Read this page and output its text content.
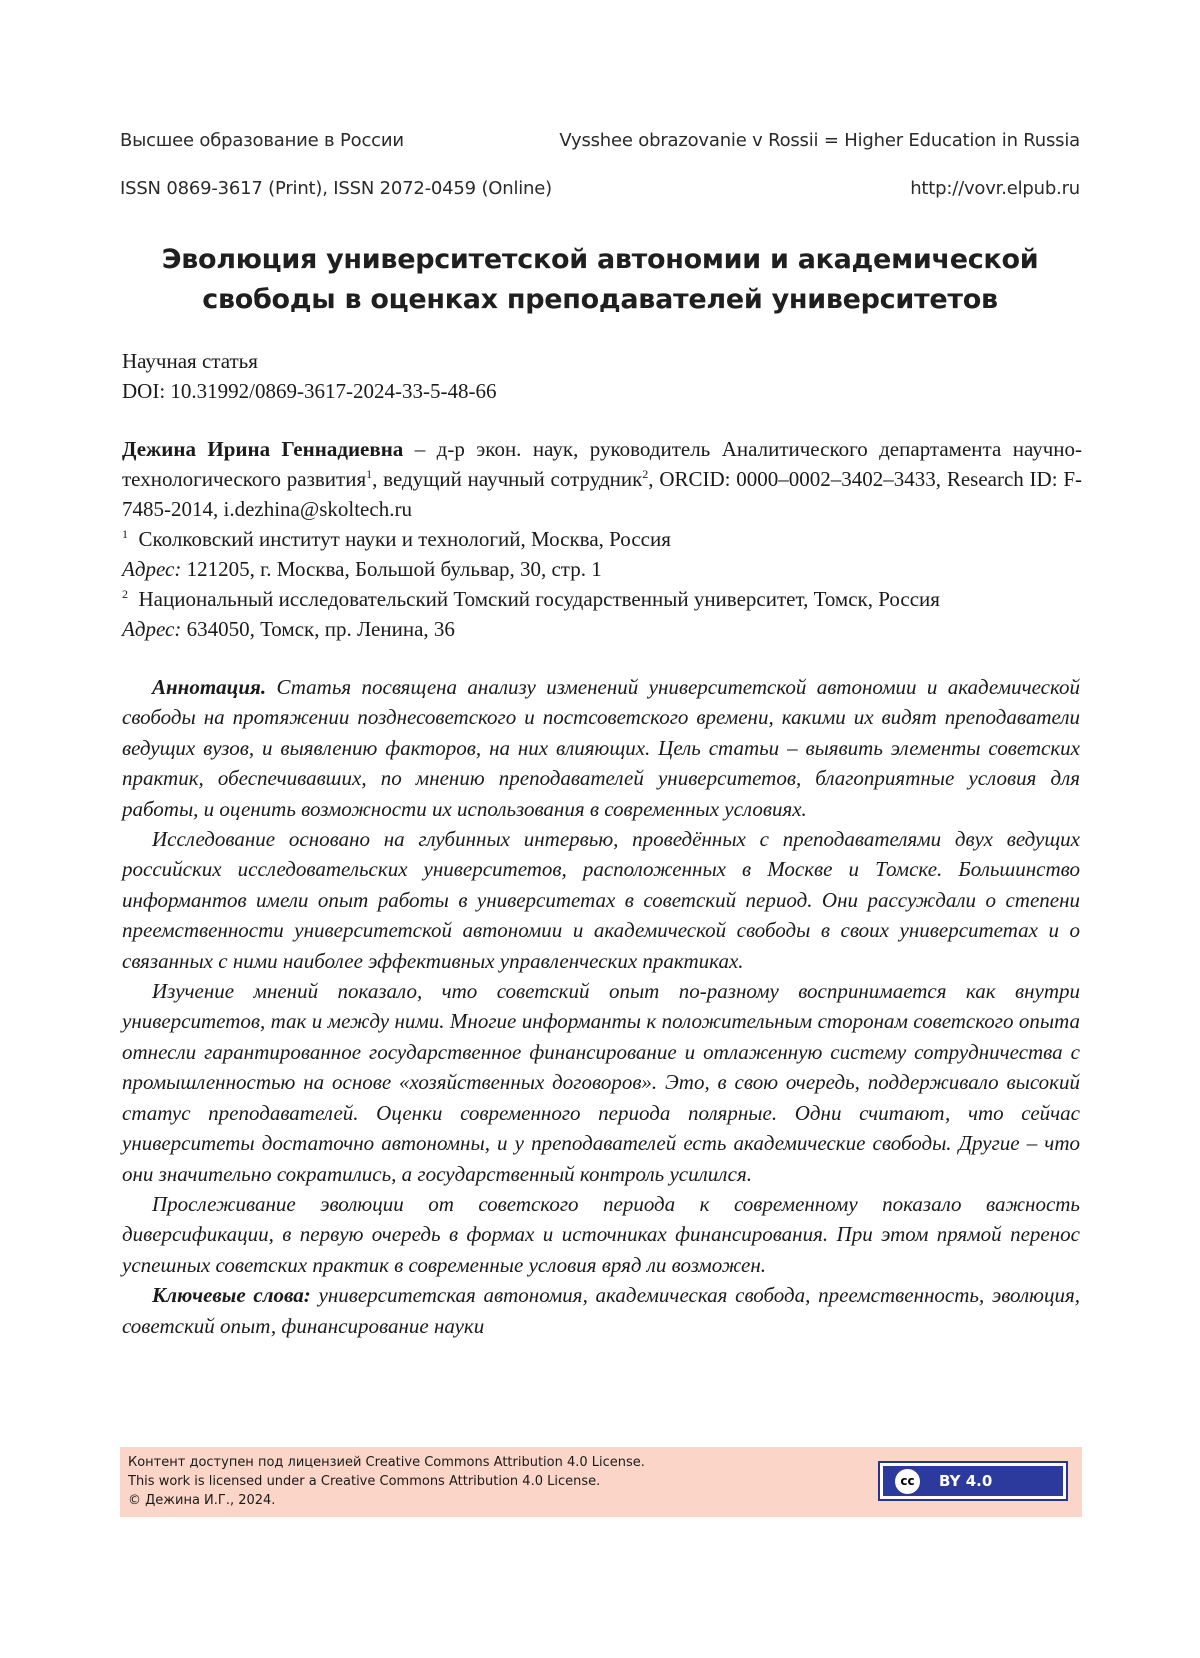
Высшее образование в России	Vysshee obrazovanie v Rossii = Higher Education in Russia
ISSN 0869-3617 (Print), ISSN 2072-0459 (Online)	http://vovr.elpub.ru
Эволюция университетской автономии и академической
свободы в оценках преподавателей университетов
Научная статья
DOI: 10.31992/0869-3617-2024-33-5-48-66
Дежина Ирина Геннадиевна – д-р экон. наук, руководитель Аналитического департамента научно-технологического развития$^1$, ведущий научный сотрудник$^2$, ORCID: 0000–0002–3402–3433, Research ID: F-7485-2014, i.dezhina@skoltech.ru
$^1$ Сколковский институт науки и технологий, Москва, Россия
Адрес: 121205, г. Москва, Большой бульвар, 30, стр. 1
$^2$ Национальный исследовательский Томский государственный университет, Томск, Россия
Адрес: 634050, Томск, пр. Ленина, 36

Аннотация. Статья посвящена анализу изменений университетской автономии и академической свободы на протяжении позднесоветского и постсоветского времени, какими их видят преподаватели ведущих вузов, и выявлению факторов, на них влияющих. Цель статьи – выявить элементы советских практик, обеспечивавших, по мнению преподавателей университетов, благоприятные условия для работы, и оценить возможности их использования в современных условиях.

Исследование основано на глубинных интервью, проведённых с преподавателями двух ведущих российских исследовательских университетов, расположенных в Москве и Томске. Большинство информантов имели опыт работы в университетах в советский период. Они рассуждали о степени преемственности университетской автономии и академической свободы в своих университетах и о связанных с ними наиболее эффективных управленческих практиках.

Изучение мнений показало, что советский опыт по-разному воспринимается как внутри университетов, так и между ними. Многие информанты к положительным сторонам советского опыта отнесли гарантированное государственное финансирование и отлаженную систему сотрудничества с промышленностью на основе «хозяйственных договоров». Это, в свою очередь, поддерживало высокий статус преподавателей. Оценки современного периода полярные. Одни считают, что сейчас университеты достаточно автономны, и у преподавателей есть академические свободы. Другие – что они значительно сократились, а государственный контроль усилился.

Прослеживание эволюции от советского периода к современному показало важность диверсификации, в первую очередь в формах и источниках финансирования. При этом прямой перенос успешных советских практик в современные условия вряд ли возможен.

Ключевые слова: университетская автономия, академическая свобода, преемственность, эволюция, советский опыт, финансирование науки

Контент доступен под лицензией Creative Commons Attribution 4.0 License.
This work is licensed under a Creative Commons Attribution 4.0 License.
© Дежина И.Г., 2024.
cc	BY 4.0
